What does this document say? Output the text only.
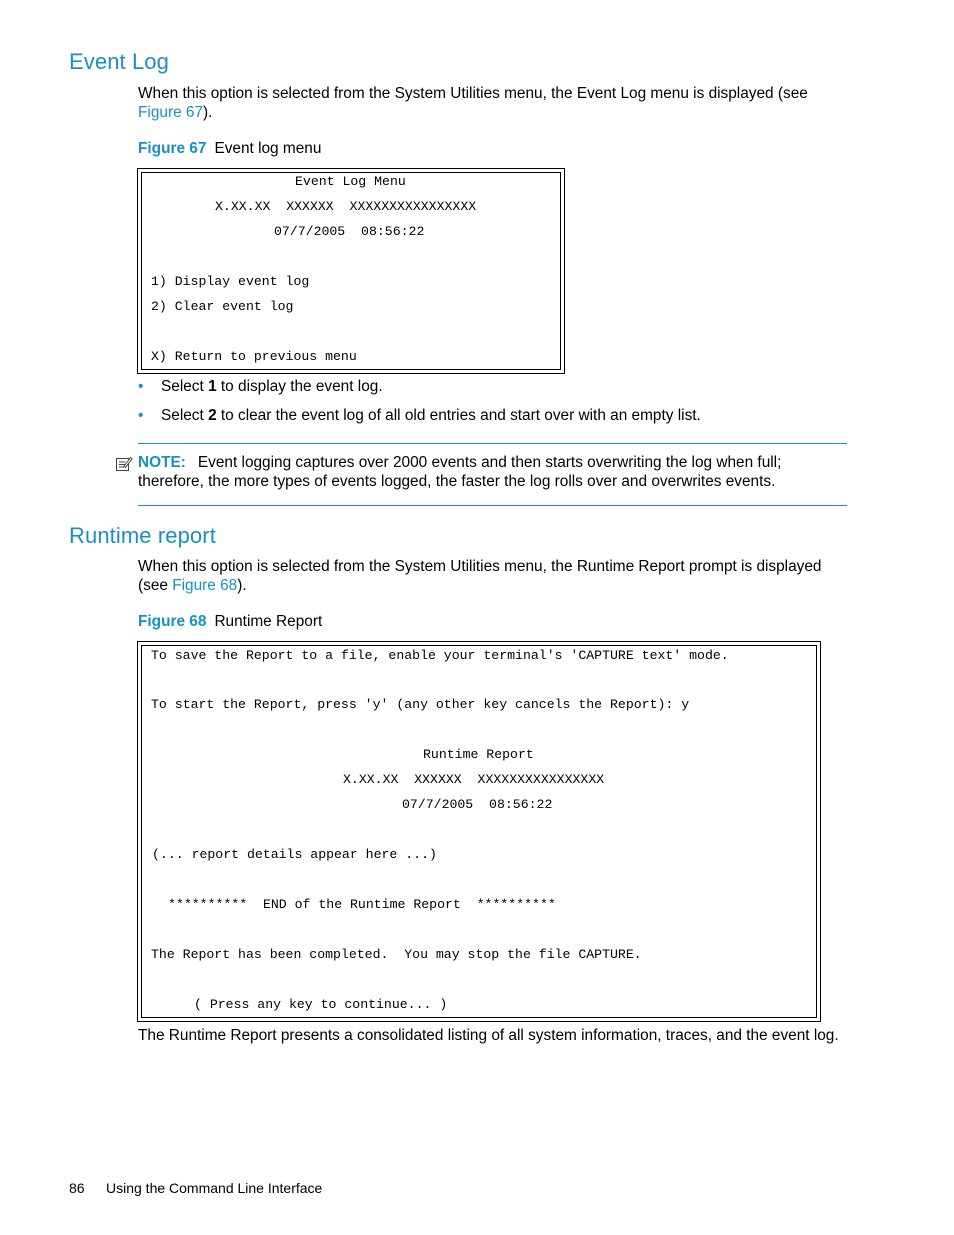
Event Log

When this option is selected from the System Utilities menu, the Event Log menu is displayed (see Figure 67).

Figure 67 Event log menu

Event Log Menu
X.XX.XX  XXXXXX  XXXXXXXXXXXXXXXX
07/7/2005  08:56:22
1) Display event log
2) Clear event log
X) Return to previous menu
• Select 1 to display the event log.
• Select 2 to clear the event log of all old entries and start over with an empty list.

NOTE: Event logging captures over 2000 events and then starts overwriting the log when full; therefore, the more types of events logged, the faster the log rolls over and overwrites events.

Runtime report

When this option is selected from the System Utilities menu, the Runtime Report prompt is displayed (see Figure 68).

Figure 68 Runtime Report

To save the Report to a file, enable your terminal's 'CAPTURE text' mode.
To start the Report, press 'y' (any other key cancels the Report): y
Runtime Report
X.XX.XX  XXXXXX  XXXXXXXXXXXXXXXX
07/7/2005  08:56:22
(... report details appear here ...)
**********  END of the Runtime Report  **********
The Report has been completed.  You may stop the file CAPTURE.
( Press any key to continue... )

The Runtime Report presents a consolidated listing of all system information, traces, and the event log.

86 Using the Command Line Interface
